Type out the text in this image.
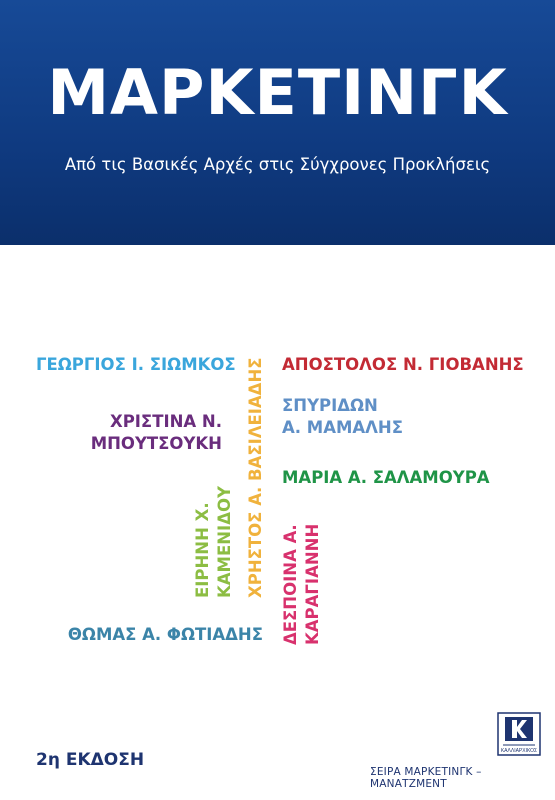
ΜΑΡΚΕΤΙΝΓΚ
Από τις Βασικές Αρχές στις Σύγχρονες Προκλήσεις
ΓΕΩΡΓΙΟΣ Ι. ΣΙΩΜΚΟΣ	ΑΠΟΣΤΟΛΟΣ Ν. ΓΙΟΒΑΝΗΣ
ΧΡΙΣΤΙΝΑ Ν.
ΜΠΟΥΤΣΟΥΚΗ
ΣΠΥΡΙΔΩΝ
Α. ΜΑΜΑΛΗΣ
ΜΑΡΙΑ Α. ΣΑΛΑΜΟΥΡΑ
ΘΩΜΑΣ Α. ΦΩΤΙΑΔΗΣ
ΧΡΗΣΤΟΣ Α. ΒΑΣΙΛΕΙΑΔΗΣ
ΕΙΡΗΝΗ Χ. ΚΑΜΕΝΙΔΟΥ	ΔΕΣΠΟΙΝΑ Α. ΚΑΡΑΓΙΑΝΝΗ
2η ΕΚΔΟΣΗ	ΚΑΛΛΙΑΡΧΙΚΟΣ
ΣΕΙΡΑ ΜΑΡΚΕΤΙΝΓΚ – ΜΑΝΑΤΖΜΕΝΤ
